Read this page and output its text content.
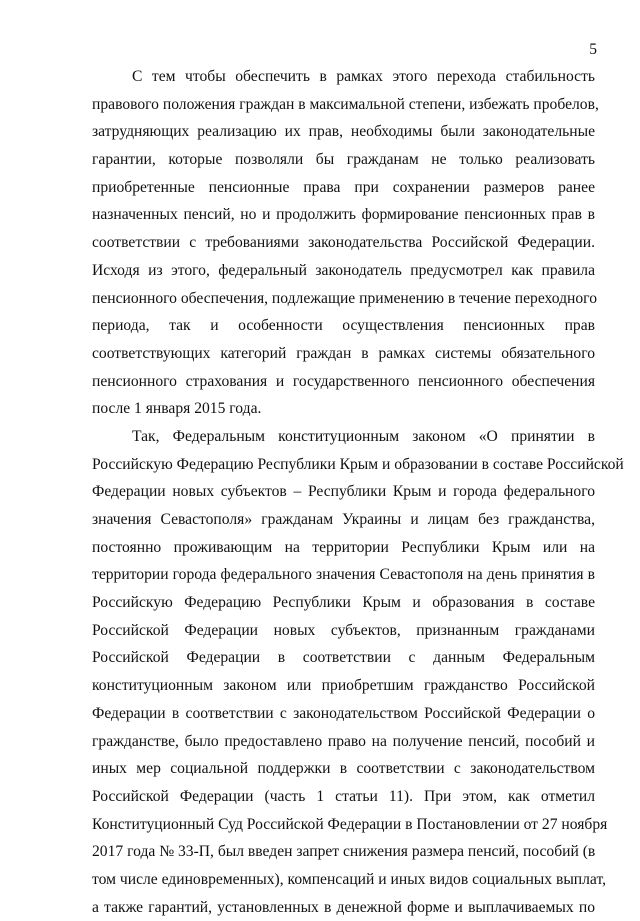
5
С тем чтобы обеспечить в рамках этого перехода стабильность
правового положения граждан в максимальной степени, избежать пробелов,
затрудняющих реализацию их прав, необходимы были законодательные
гарантии, которые позволяли бы гражданам не только реализовать
приобретенные пенсионные права при сохранении размеров ранее
назначенных пенсий, но и продолжить формирование пенсионных прав в
соответствии с требованиями законодательства Российской Федерации.
Исходя из этого, федеральный законодатель предусмотрел как правила
пенсионного обеспечения, подлежащие применению в течение переходного
периода, так и особенности осуществления пенсионных прав
соответствующих категорий граждан в рамках системы обязательного
пенсионного страхования и государственного пенсионного обеспечения
после 1 января 2015 года.
Так, Федеральным конституционным законом «О принятии в
Российскую Федерацию Республики Крым и образовании в составе Российской
Федерации новых субъектов – Республики Крым и города федерального
значения Севастополя» гражданам Украины и лицам без гражданства,
постоянно проживающим на территории Республики Крым или на
территории города федерального значения Севастополя на день принятия в
Российскую Федерацию Республики Крым и образования в составе
Российской Федерации новых субъектов, признанным гражданами
Российской Федерации в соответствии с данным Федеральным
конституционным законом или приобретшим гражданство Российской
Федерации в соответствии с законодательством Российской Федерации о
гражданстве, было предоставлено право на получение пенсий, пособий и
иных мер социальной поддержки в соответствии с законодательством
Российской Федерации (часть 1 статьи 11). При этом, как отметил
Конституционный Суд Российской Федерации в Постановлении от 27 ноября
2017 года № 33-П, был введен запрет снижения размера пенсий, пособий (в
том числе единовременных), компенсаций и иных видов социальных выплат,
а также гарантий, установленных в денежной форме и выплачиваемых по
